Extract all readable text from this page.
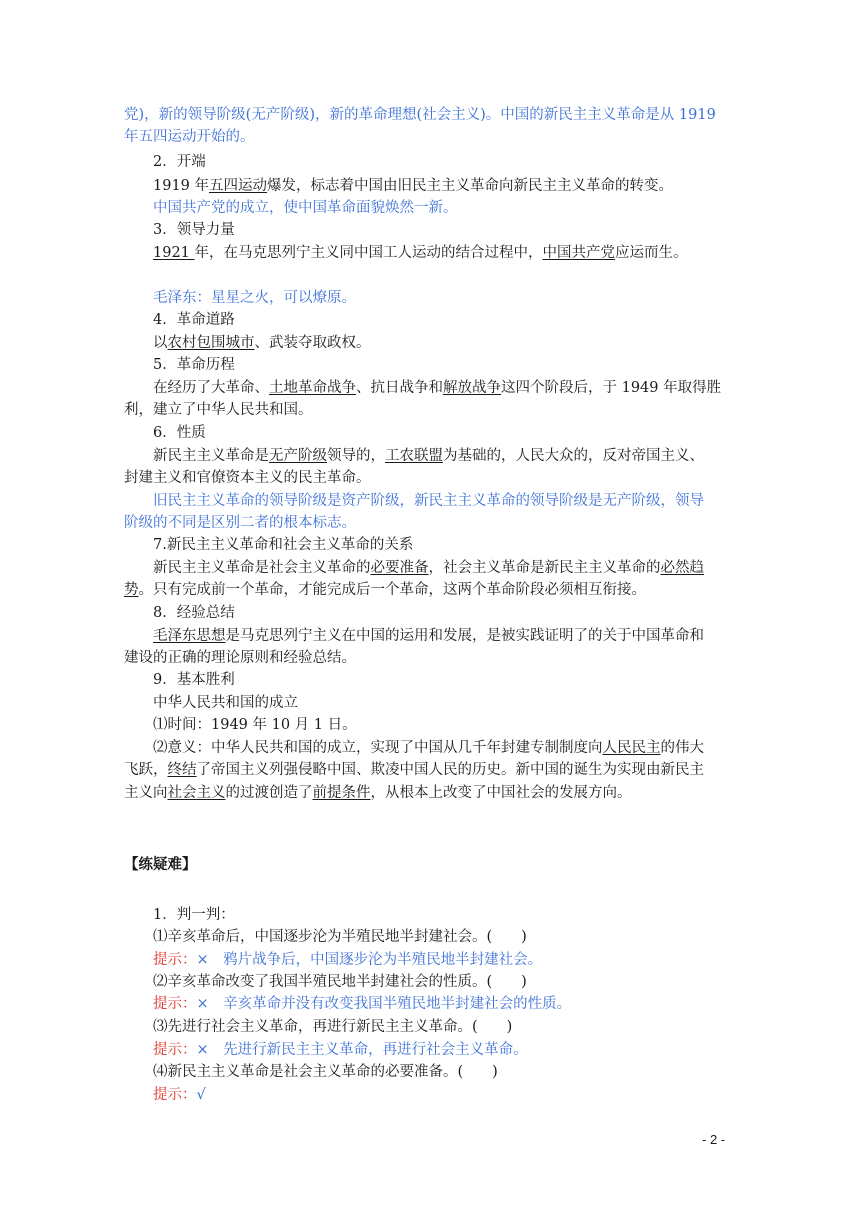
党)，新的领导阶级(无产阶级)，新的革命理想(社会主义)。中国的新民主主义革命是从 1919
年五四运动开始的。
2．开端
1919 年五四运动爆发，标志着中国由旧民主主义革命向新民主主义革命的转变。
中国共产党的成立，使中国革命面貌焕然一新。
3．领导力量
1921 年，在马克思列宁主义同中国工人运动的结合过程中，中国共产党应运而生。
毛泽东：星星之火，可以燎原。
4．革命道路
以农村包围城市、武装夺取政权。
5．革命历程
在经历了大革命、土地革命战争、抗日战争和解放战争这四个阶段后，于 1949 年取得胜
利，建立了中华人民共和国。
6．性质
新民主主义革命是无产阶级领导的，工农联盟为基础的，人民大众的，反对帝国主义、
封建主义和官僚资本主义的民主革命。
旧民主主义革命的领导阶级是资产阶级，新民主主义革命的领导阶级是无产阶级，领导
阶级的不同是区别二者的根本标志。
7.新民主主义革命和社会主义革命的关系
新民主主义革命是社会主义革命的必要准备，社会主义革命是新民主主义革命的必然趋
势。只有完成前一个革命，才能完成后一个革命，这两个革命阶段必须相互衔接。
8．经验总结
毛泽东思想是马克思列宁主义在中国的运用和发展，是被实践证明了的关于中国革命和
建设的正确的理论原则和经验总结。
9．基本胜利
中华人民共和国的成立
⑴时间：1949 年 10 月 1 日。
⑵意义：中华人民共和国的成立，实现了中国从几千年封建专制制度向人民民主的伟大
飞跃，终结了帝国主义列强侵略中国、欺凌中国人民的历史。新中国的诞生为实现由新民主
主义向社会主义的过渡创造了前提条件，从根本上改变了中国社会的发展方向。
【练疑难】
1．判一判：
⑴辛亥革命后，中国逐步沦为半殖民地半封建社会。(　　)
提示：×　鸦片战争后，中国逐步沦为半殖民地半封建社会。
⑵辛亥革命改变了我国半殖民地半封建社会的性质。(　　)
提示：×　辛亥革命并没有改变我国半殖民地半封建社会的性质。
⑶先进行社会主义革命，再进行新民主主义革命。(　　)
提示：×　先进行新民主主义革命，再进行社会主义革命。
⑷新民主主义革命是社会主义革命的必要准备。(　　)
提示：√
- 2 -
